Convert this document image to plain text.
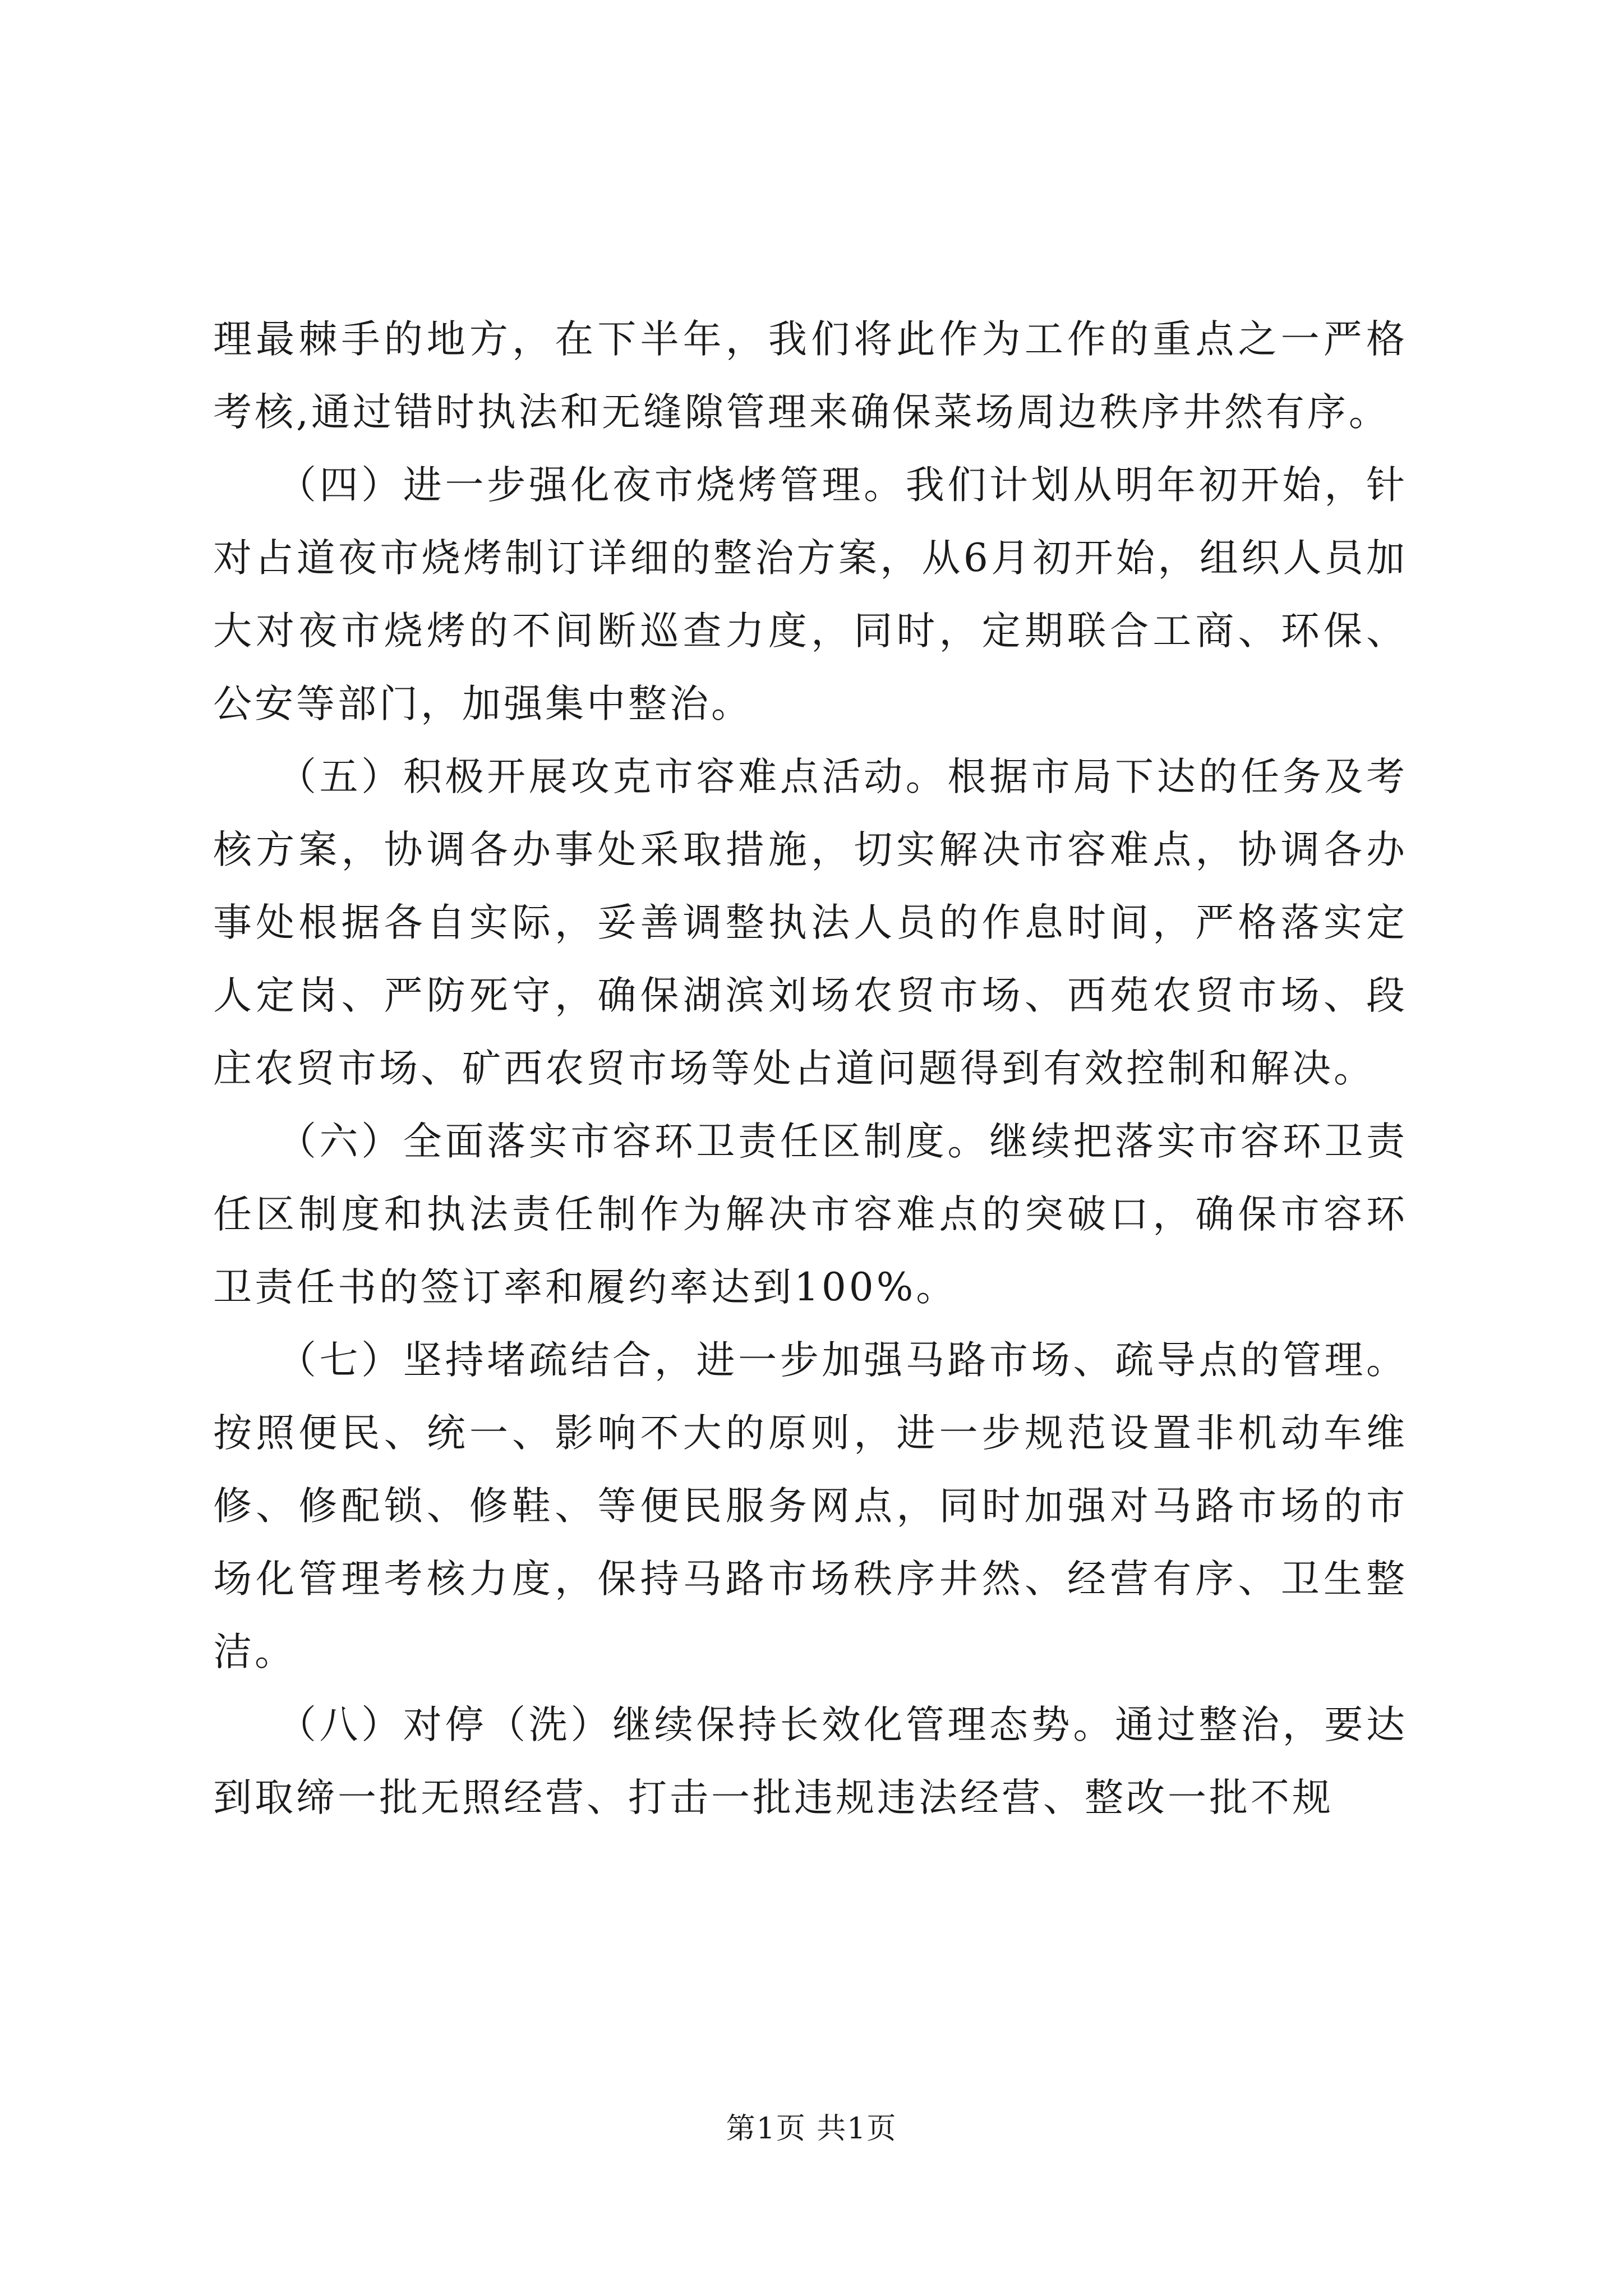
理最棘手的地方，在下半年，我们将此作为工作的重点之一严格考核,通过错时执法和无缝隙管理来确保菜场周边秩序井然有序。

　　（四）进一步强化夜市烧烤管理。我们计划从明年初开始，针对占道夜市烧烤制订详细的整治方案，从6月初开始，组织人员加大对夜市烧烤的不间断巡查力度，同时，定期联合工商、环保、公安等部门，加强集中整治。

　　（五）积极开展攻克市容难点活动。根据市局下达的任务及考核方案，协调各办事处采取措施，切实解决市容难点，协调各办事处根据各自实际，妥善调整执法人员的作息时间，严格落实定人定岗、严防死守，确保湖滨刘场农贸市场、西苑农贸市场、段庄农贸市场、矿西农贸市场等处占道问题得到有效控制和解决。

　　（六）全面落实市容环卫责任区制度。继续把落实市容环卫责任区制度和执法责任制作为解决市容难点的突破口，确保市容环卫责任书的签订率和履约率达到100%。

　　（七）坚持堵疏结合，进一步加强马路市场、疏导点的管理。按照便民、统一、影响不大的原则，进一步规范设置非机动车维修、修配锁、修鞋、等便民服务网点，同时加强对马路市场的市场化管理考核力度，保持马路市场秩序井然、经营有序、卫生整洁。

　　（八）对停（洗）继续保持长效化管理态势。通过整治，要达到取缔一批无照经营、打击一批违规违法经营、整改一批不规

第1页 共1页
